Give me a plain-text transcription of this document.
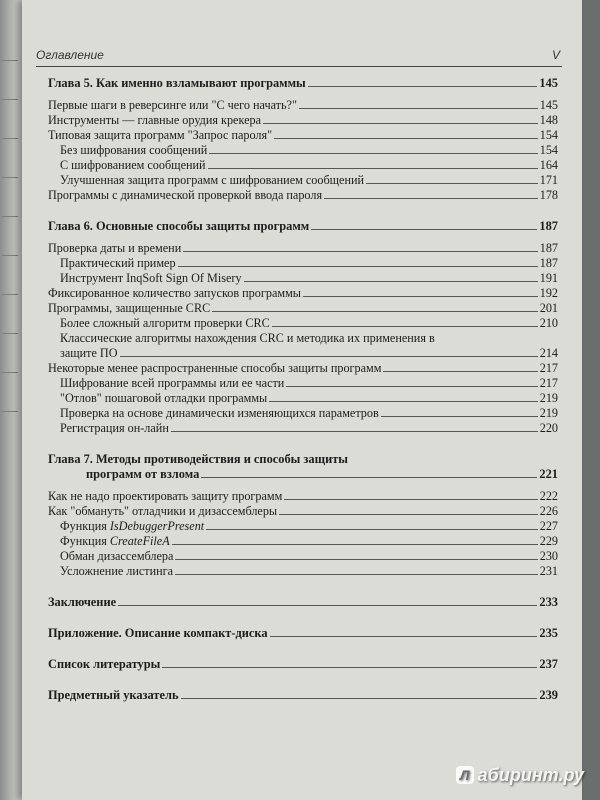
Оглавление	V
Глава 5. Как именно взламывают программы	145
Первые шаги в реверсинге или "С чего начать?"	145
Инструменты — главные орудия крекера	148
Типовая защита программ "Запрос пароля"	154
Без шифрования сообщений	154
С шифрованием сообщений	164
Улучшенная защита программ с шифрованием сообщений	171
Программы с динамической проверкой ввода пароля	178
Глава 6. Основные способы защиты программ	187
Проверка даты и времени	187
Практический пример	187
Инструмент InqSoft Sign Of Misery	191
Фиксированное количество запусков программы	192
Программы, защищенные CRC	201
Более сложный алгоритм проверки CRC	210
Классические алгоритмы нахождения CRC и методика их применения в
защите ПО	214
Некоторые менее распространенные способы защиты программ	217
Шифрование всей программы или ее части	217
"Отлов" пошаговой отладки программы	219
Проверка на основе динамически изменяющихся параметров	219
Регистрация он-лайн	220
Глава 7. Методы противодействия и способы защиты
программ от взлома	221
Как не надо проектировать защиту программ	222
Как "обмануть" отладчики и дизассемблеры	226
Функция IsDebuggerPresent	227
Функция CreateFileA	229
Обман дизассемблера	230
Усложнение листинга	231
Заключение	233
Приложение. Описание компакт-диска	235
Список литературы	237
Предметный указатель	239
Л абиринт.ру
